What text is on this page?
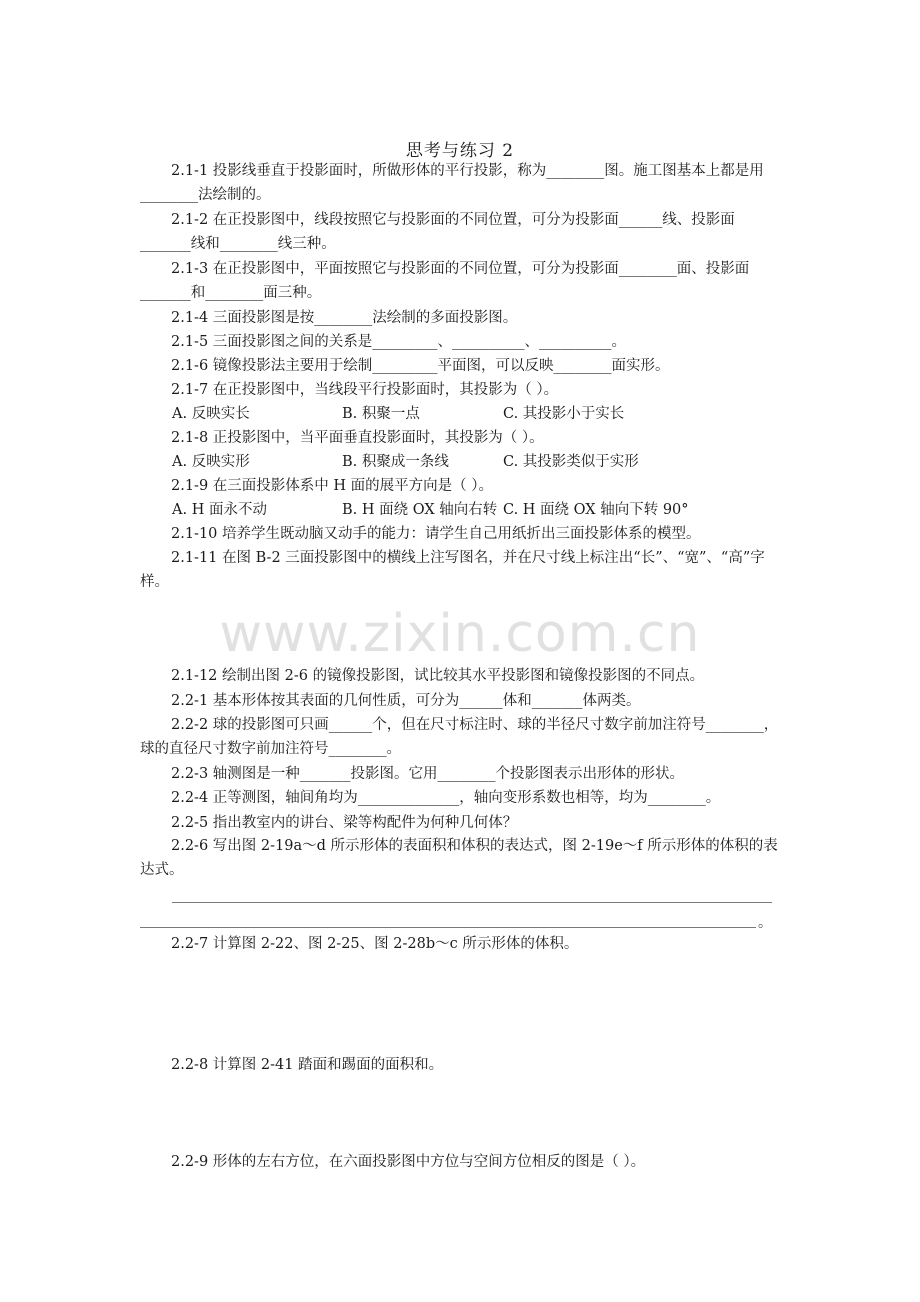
思考与练习 2
2.1-1 投影线垂直于投影面时，所做形体的平行投影，称为________图。施工图基本上都是用________法绘制的。
2.1-2 在正投影图中，线段按照它与投影面的不同位置，可分为投影面______线、投影面_______线和________线三种。
2.1-3 在正投影图中，平面按照它与投影面的不同位置，可分为投影面________面、投影面_______和________面三种。
2.1-4 三面投影图是按________法绘制的多面投影图。
2.1-5 三面投影图之间的关系是_________、__________、__________。
2.1-6 镜像投影法主要用于绘制_________平面图，可以反映________面实形。
2.1-7 在正投影图中，当线段平行投影面时，其投影为（ ）。

A. 反映实长

	B. 积聚一点

	C. 其投影小于实长

2.1-8 正投影图中，当平面垂直投影面时，其投影为（ ）。

A. 反映实形

	B. 积聚成一条线

	C. 其投影类似于实形

2.1-9 在三面投影体系中 H 面的展平方向是（ ）。

A. H 面永不动

	B. H 面绕 OX 轴向右转

C. H 面绕 OX 轴向下转 90°

2.1-10 培养学生既动脑又动手的能力：请学生自己用纸折出三面投影体系的模型。
2.1-11 在图 B-2 三面投影图中的横线上注写图名，并在尺寸线上标注出“长”、“宽”、“高”字样。
www.zixin.com.cn
2.1-12 绘制出图 2-6 的镜像投影图，试比较其水平投影图和镜像投影图的不同点。
2.2-1 基本形体按其表面的几何性质，可分为______体和_______体两类。
2.2-2 球的投影图可只画______个，但在尺寸标注时、球的半径尺寸数字前加注符号________，球的直径尺寸数字前加注符号________。
2.2-3 轴测图是一种_______投影图。它用________个投影图表示出形体的形状。
2.2-4 正等测图，轴间角均为______________，轴向变形系数也相等，均为________。
2.2-5 指出教室内的讲台、梁等构配件为何种几何体？
2.2-6 写出图 2-19a～d 所示形体的表面积和体积的表达式，图 2-19e～f 所示形体的体积的表达式。
。
2.2-7 计算图 2-22、图 2-25、图 2-28b～c 所示形体的体积。
2.2-8 计算图 2-41 踏面和踢面的面积和。
2.2-9 形体的左右方位，在六面投影图中方位与空间方位相反的图是（ ）。
